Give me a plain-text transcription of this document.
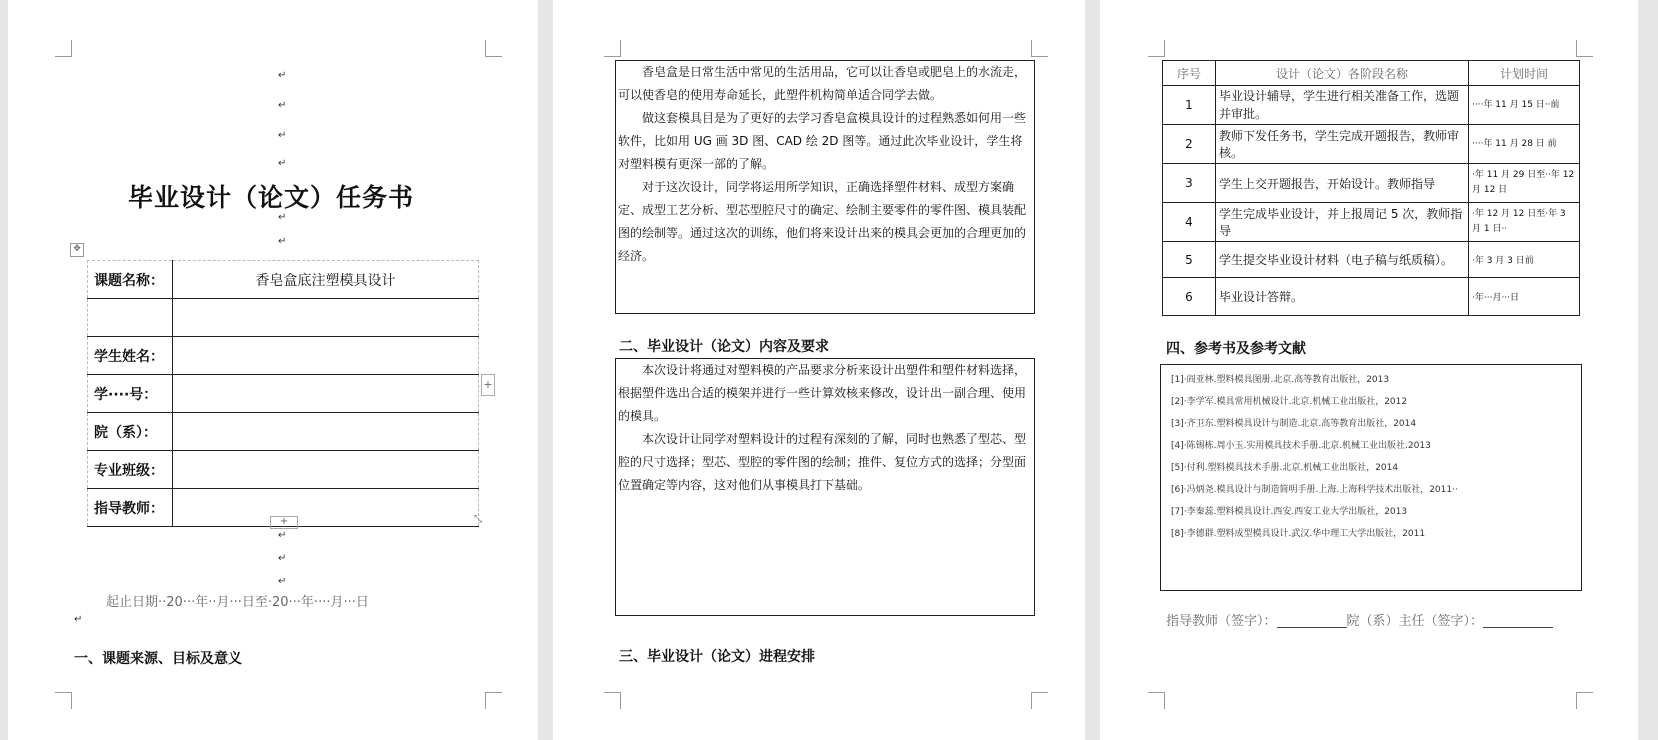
↵
↵
↵
↵
毕业设计（论文）任务书
↵
↵
✥
课题名称：	香皂盒底注塑模具设计

学生姓名：	
学····号：	
院（系）：	
专业班级：	
指导教师：	
+
+	⤡
↵
↵
↵
起止日期··20···年··月···日至·20···年····月···日
↵
一、课题来源、目标及意义

香皂盒是日常生活中常见的生活用品，它可以让香皂或肥皂上的水流走，可以使香皂的使用寿命延长，此塑件机构简单适合同学去做。

做这套模具目是为了更好的去学习香皂盒模具设计的过程熟悉如何用一些软件，比如用 UG 画 3D 图、CAD 绘 2D 图等。通过此次毕业设计，学生将对塑料模有更深一部的了解。

对于这次设计，同学将运用所学知识，正确选择塑件材料、成型方案确定、成型工艺分析、型芯型腔尺寸的确定、绘制主要零件的零件图、模具装配图的绘制等。通过这次的训练，他们将来设计出来的模具会更加的合理更加的经济。

二、毕业设计（论文）内容及要求

本次设计将通过对塑料模的产品要求分析来设计出塑件和塑件材料选择，根据塑件选出合适的模架并进行一些计算效核来修改，设计出一副合理、使用的模具。

本次设计让同学对塑料设计的过程有深刻的了解，同时也熟悉了型芯、型腔的尺寸选择；型芯、型腔的零件图的绘制；推件、复位方式的选择；分型面位置确定等内容，这对他们从事模具打下基础。

三、毕业设计（论文）进程安排
序号	设计（论文）各阶段名称	计划时间
1	毕业设计辅导，学生进行相关准备工作，选题并审批。	····年 11 月 15 日··前
2	教师下发任务书，学生完成开题报告，教师审核。	····年 11 月 28 日 前
3	学生上交开题报告，开始设计。教师指导	·年 11 月 29 日至··年 12 月 12 日
4	学生完成毕业设计，并上报周记 5 次，教师指导	·年 12 月 12 日至·年 3 月 1 日··
5	学生提交毕业设计材料（电子稿与纸质稿）。	·年 3 月 3 日前
6	毕业设计答辩。	·年···月···日
四、参考书及参考文献
[1]·阎亚林.塑料模具图册.北京.高等教育出版社，2013
[2]·李学军.模具常用机械设计.北京.机械工业出版社，2012
[3]·齐卫东.塑料模具设计与制造.北京.高等教育出版社，2014
[4]·陈锡栋.周小玉.实用模具技术手册.北京.机械工业出版社.2013
[5]·付利.塑料模具技术手册.北京.机械工业出版社，2014
[6]·冯炳尧.模具设计与制造简明手册.上海.上海科学技术出版社，2011··
[7]·李秦蕊.塑料模具设计.西安.西安工业大学出版社，2013
[8]·李德群.塑料成型模具设计.武汉.华中理工大学出版社，2011
指导教师（签字）：	院（系）主任（签字）：
